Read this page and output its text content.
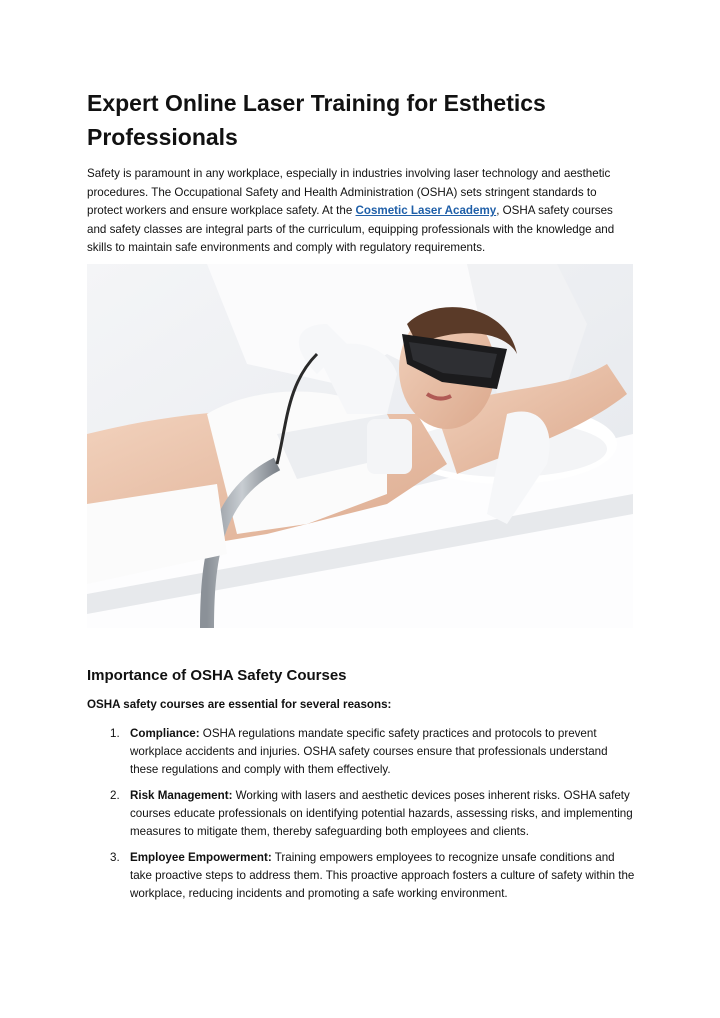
Expert Online Laser Training for Esthetics Professionals

Safety is paramount in any workplace, especially in industries involving laser technology and aesthetic procedures. The Occupational Safety and Health Administration (OSHA) sets stringent standards to protect workers and ensure workplace safety. At the Cosmetic Laser Academy, OSHA safety courses and safety classes are integral parts of the curriculum, equipping professionals with the knowledge and skills to maintain safe environments and comply with regulatory requirements.

Importance of OSHA Safety Courses

OSHA safety courses are essential for several reasons:

1. Compliance: OSHA regulations mandate specific safety practices and protocols to prevent workplace accidents and injuries. OSHA safety courses ensure that professionals understand these regulations and comply with them effectively.
2. Risk Management: Working with lasers and aesthetic devices poses inherent risks. OSHA safety courses educate professionals on identifying potential hazards, assessing risks, and implementing measures to mitigate them, thereby safeguarding both employees and clients.
3. Employee Empowerment: Training empowers employees to recognize unsafe conditions and take proactive steps to address them. This proactive approach fosters a culture of safety within the workplace, reducing incidents and promoting a safe working environment.
